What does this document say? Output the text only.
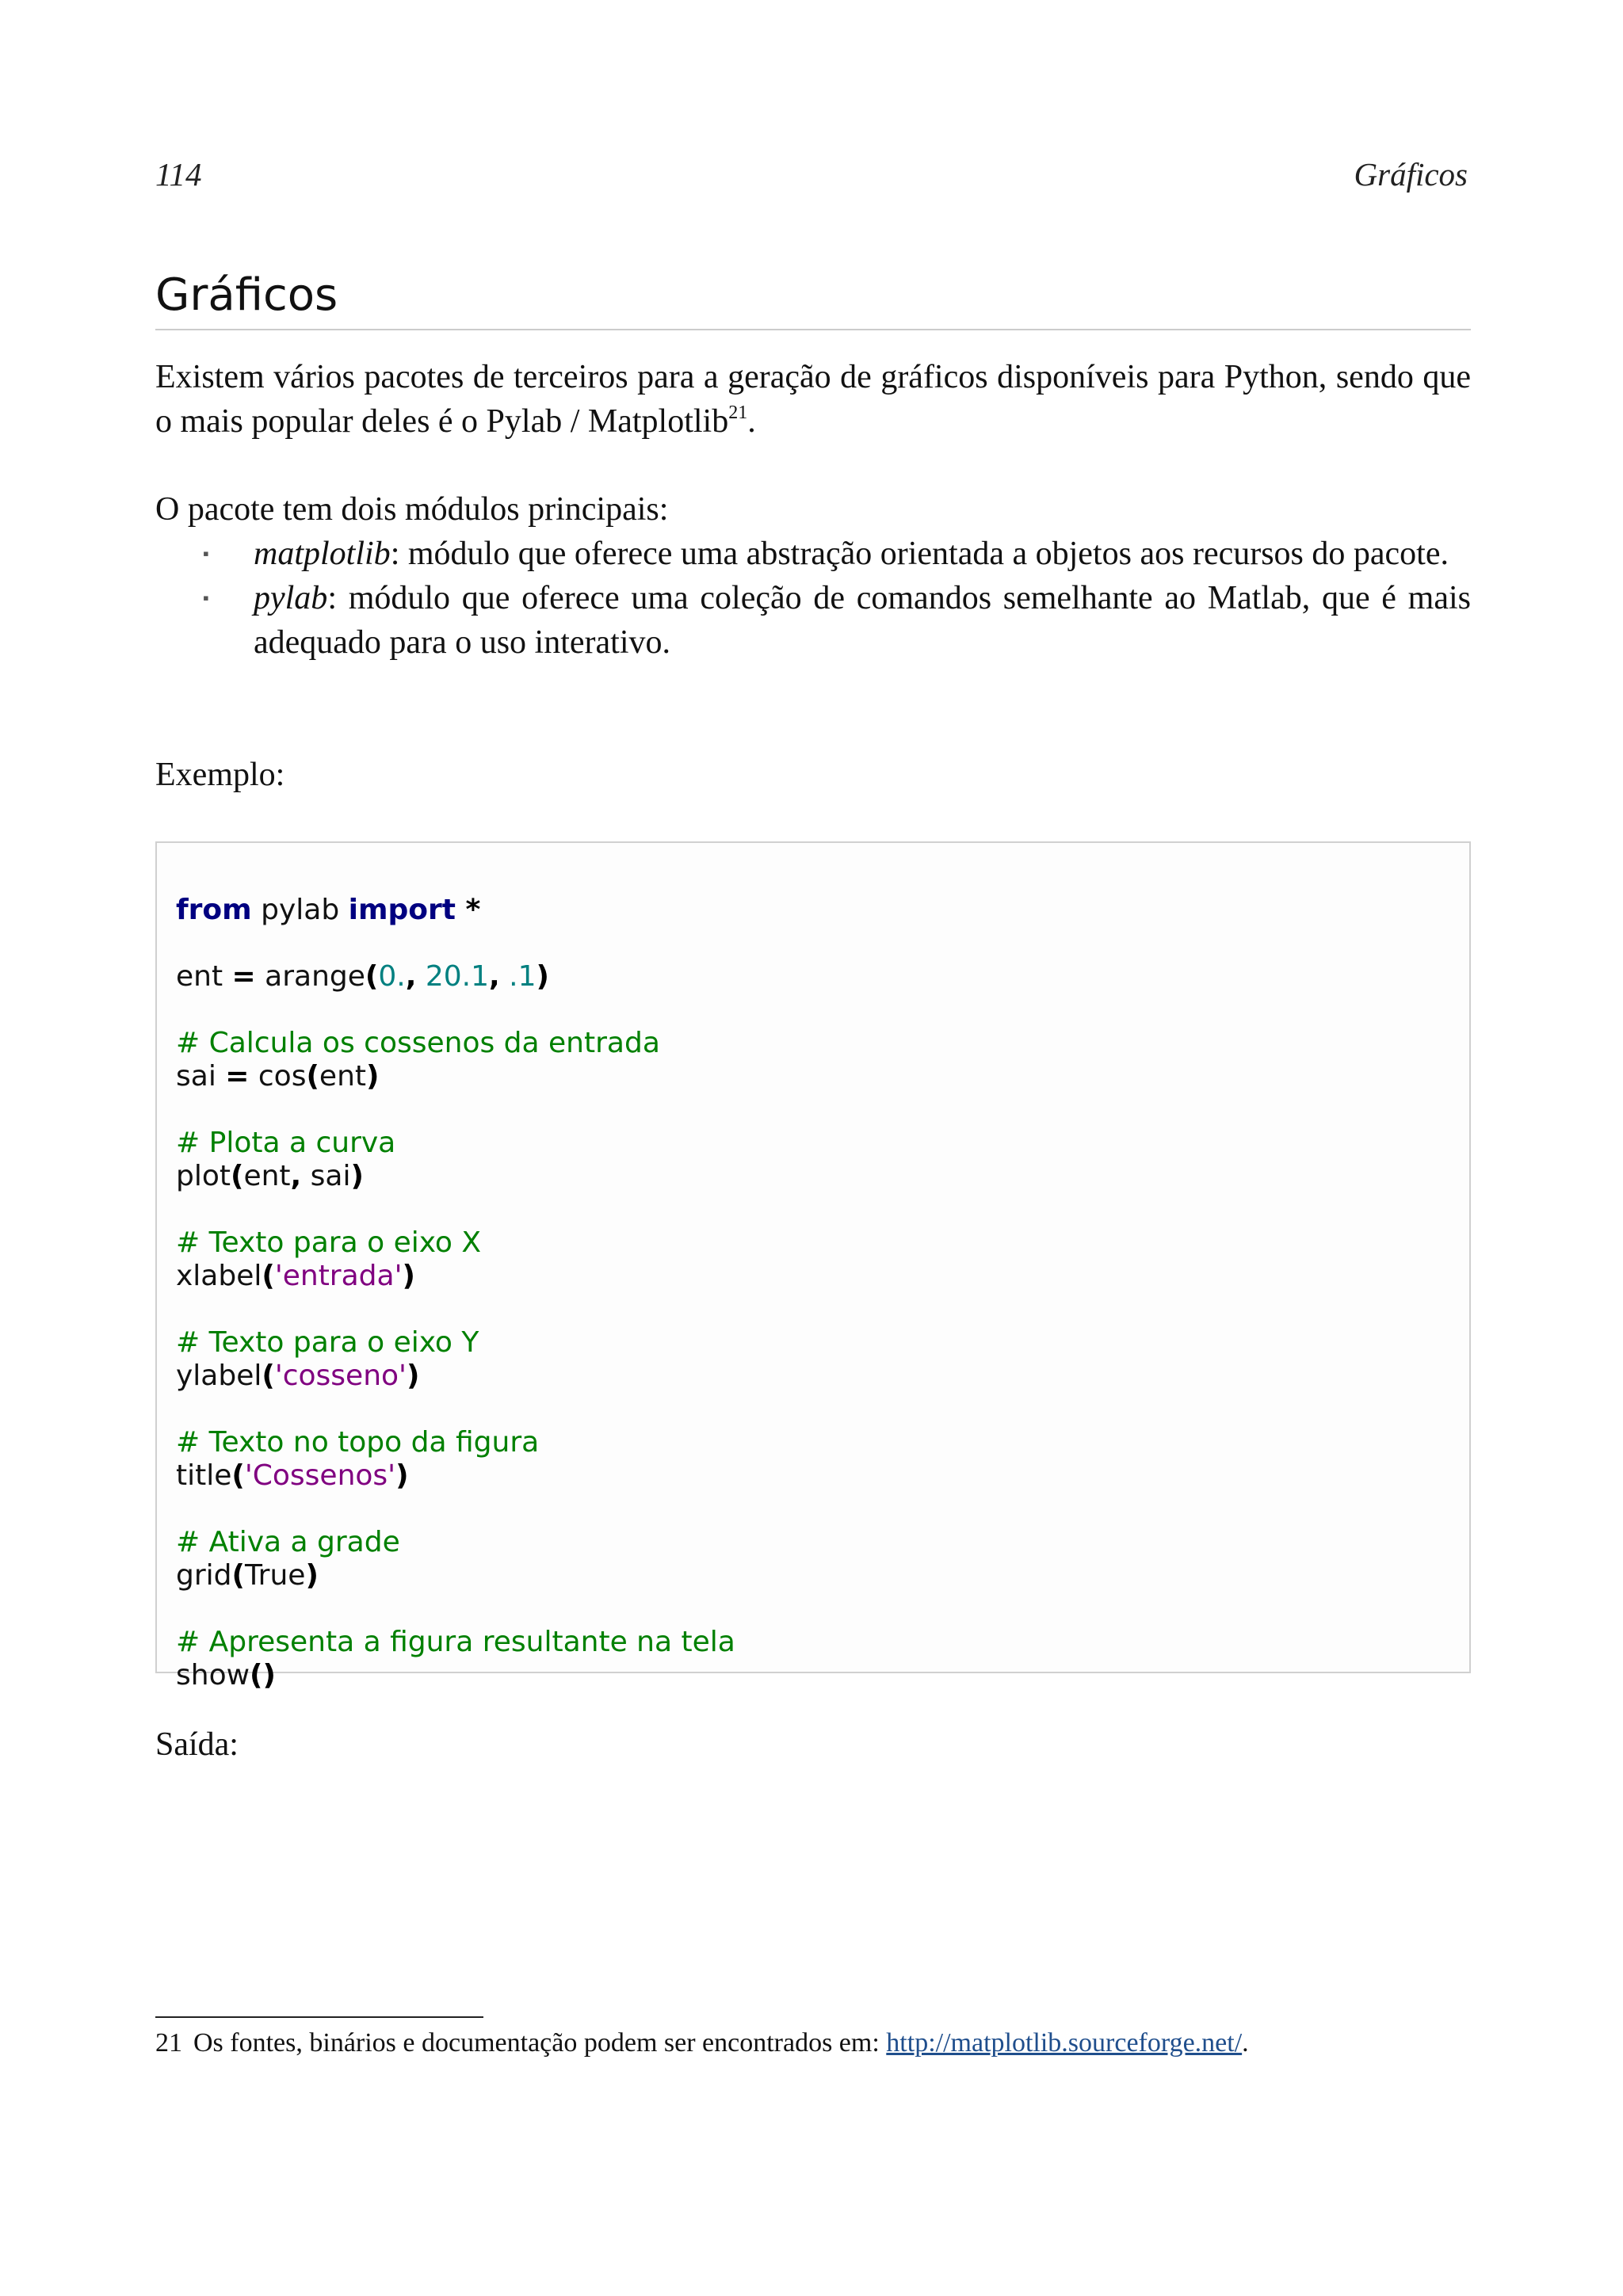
114	Gráficos
Gráficos

Existem vários pacotes de terceiros para a geração de gráficos disponíveis para Python, sendo que o mais popular deles é o Pylab / Matplotlib$^{21}$.

O pacote tem dois módulos principais:

▪ matplotlib: módulo que oferece uma abstração orientada a objetos aos recursos do pacote.
▪ pylab: módulo que oferece uma coleção de comandos semelhante ao Matlab, que é mais adequado para o uso interativo.

Exemplo:

from pylab import *
ent = arange(0., 20.1, .1)
# Calcula os cossenos da entrada
sai = cos(ent)
# Plota a curva
plot(ent, sai)
# Texto para o eixo X
xlabel('entrada')
# Texto para o eixo Y
ylabel('cosseno')
# Texto no topo da figura
title('Cossenos')
# Ativa a grade
grid(True)
# Apresenta a figura resultante na tela
show()

Saída:

21 Os fontes, binários e documentação podem ser encontrados em: http://matplotlib.sourceforge.net/.
